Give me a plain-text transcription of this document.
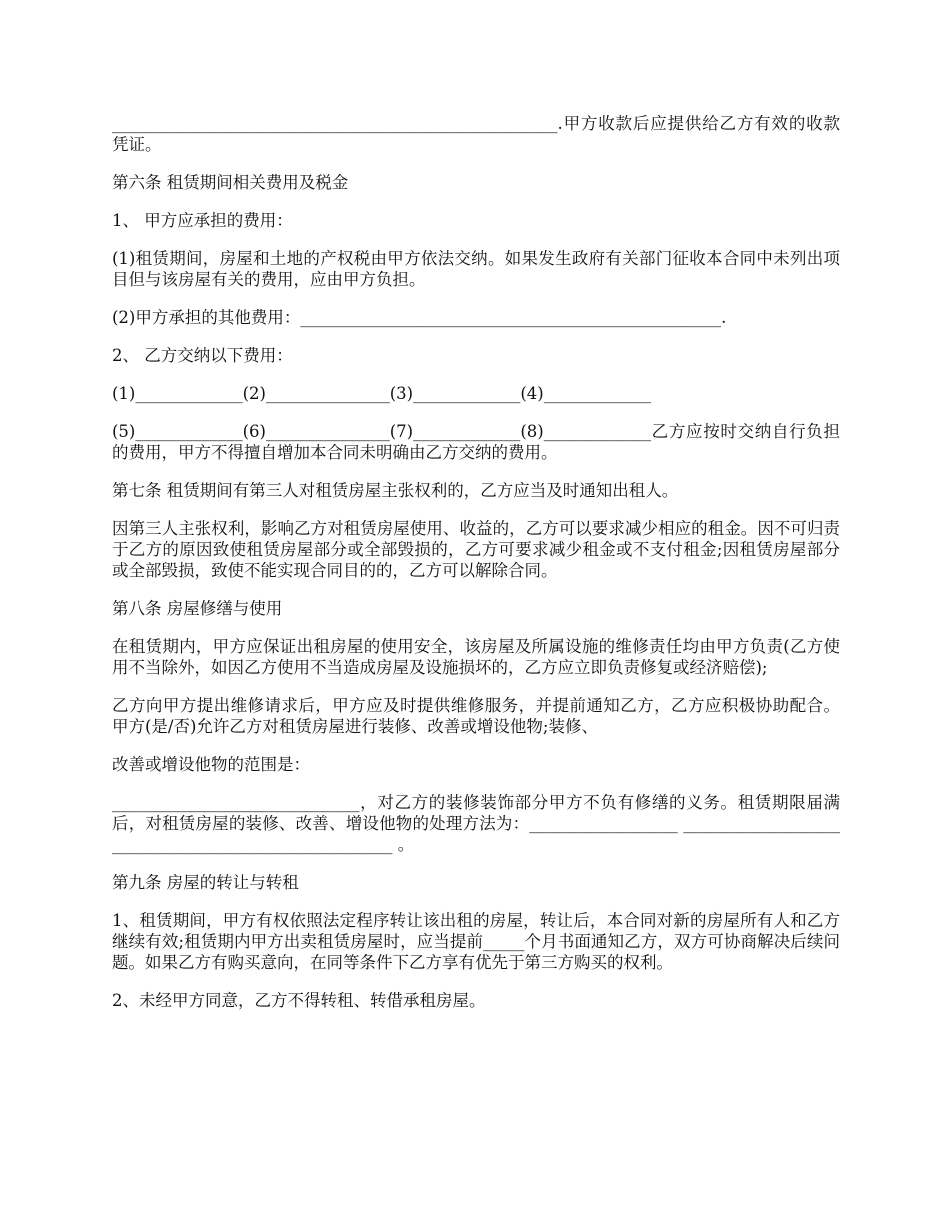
______________________________________________________.甲方收款后应提供给乙方有效的收款凭证。

第六条 租赁期间相关费用及税金

1、 甲方应承担的费用：

(1)租赁期间，房屋和土地的产权税由甲方依法交纳。如果发生政府有关部门征收本合同中未列出项目但与该房屋有关的费用，应由甲方负担。

(2)甲方承担的其他费用：___________________________________________________.

2、 乙方交纳以下费用：

(1)_____________(2)_______________(3)_____________(4)_____________

(5)_____________(6)_______________(7)_____________(8)_____________乙方应按时交纳自行负担的费用，甲方不得擅自增加本合同未明确由乙方交纳的费用。

第七条 租赁期间有第三人对租赁房屋主张权利的，乙方应当及时通知出租人。

因第三人主张权利，影响乙方对租赁房屋使用、收益的，乙方可以要求减少相应的租金。因不可归责于乙方的原因致使租赁房屋部分或全部毁损的，乙方可要求减少租金或不支付租金;因租赁房屋部分或全部毁损，致使不能实现合同目的的，乙方可以解除合同。

第八条 房屋修缮与使用

在租赁期内，甲方应保证出租房屋的使用安全，该房屋及所属设施的维修责任均由甲方负责(乙方使用不当除外，如因乙方使用不当造成房屋及设施损坏的，乙方应立即负责修复或经济赔偿);

乙方向甲方提出维修请求后，甲方应及时提供维修服务，并提前通知乙方，乙方应积极协助配合。 甲方(是/否)允许乙方对租赁房屋进行装修、改善或增设他物;装修、

改善或增设他物的范围是：

______________________________，对乙方的装修装饰部分甲方不负有修缮的义务。租赁期限届满后，对租赁房屋的装修、改善、增设他物的处理方法为：__________________ _____________________________________________________ 。

第九条 房屋的转让与转租

1、租赁期间，甲方有权依照法定程序转让该出租的房屋，转让后，本合同对新的房屋所有人和乙方继续有效;租赁期内甲方出卖租赁房屋时，应当提前_____个月书面通知乙方，双方可协商解决后续问题。如果乙方有购买意向，在同等条件下乙方享有优先于第三方购买的权利。

2、未经甲方同意，乙方不得转租、转借承租房屋。
